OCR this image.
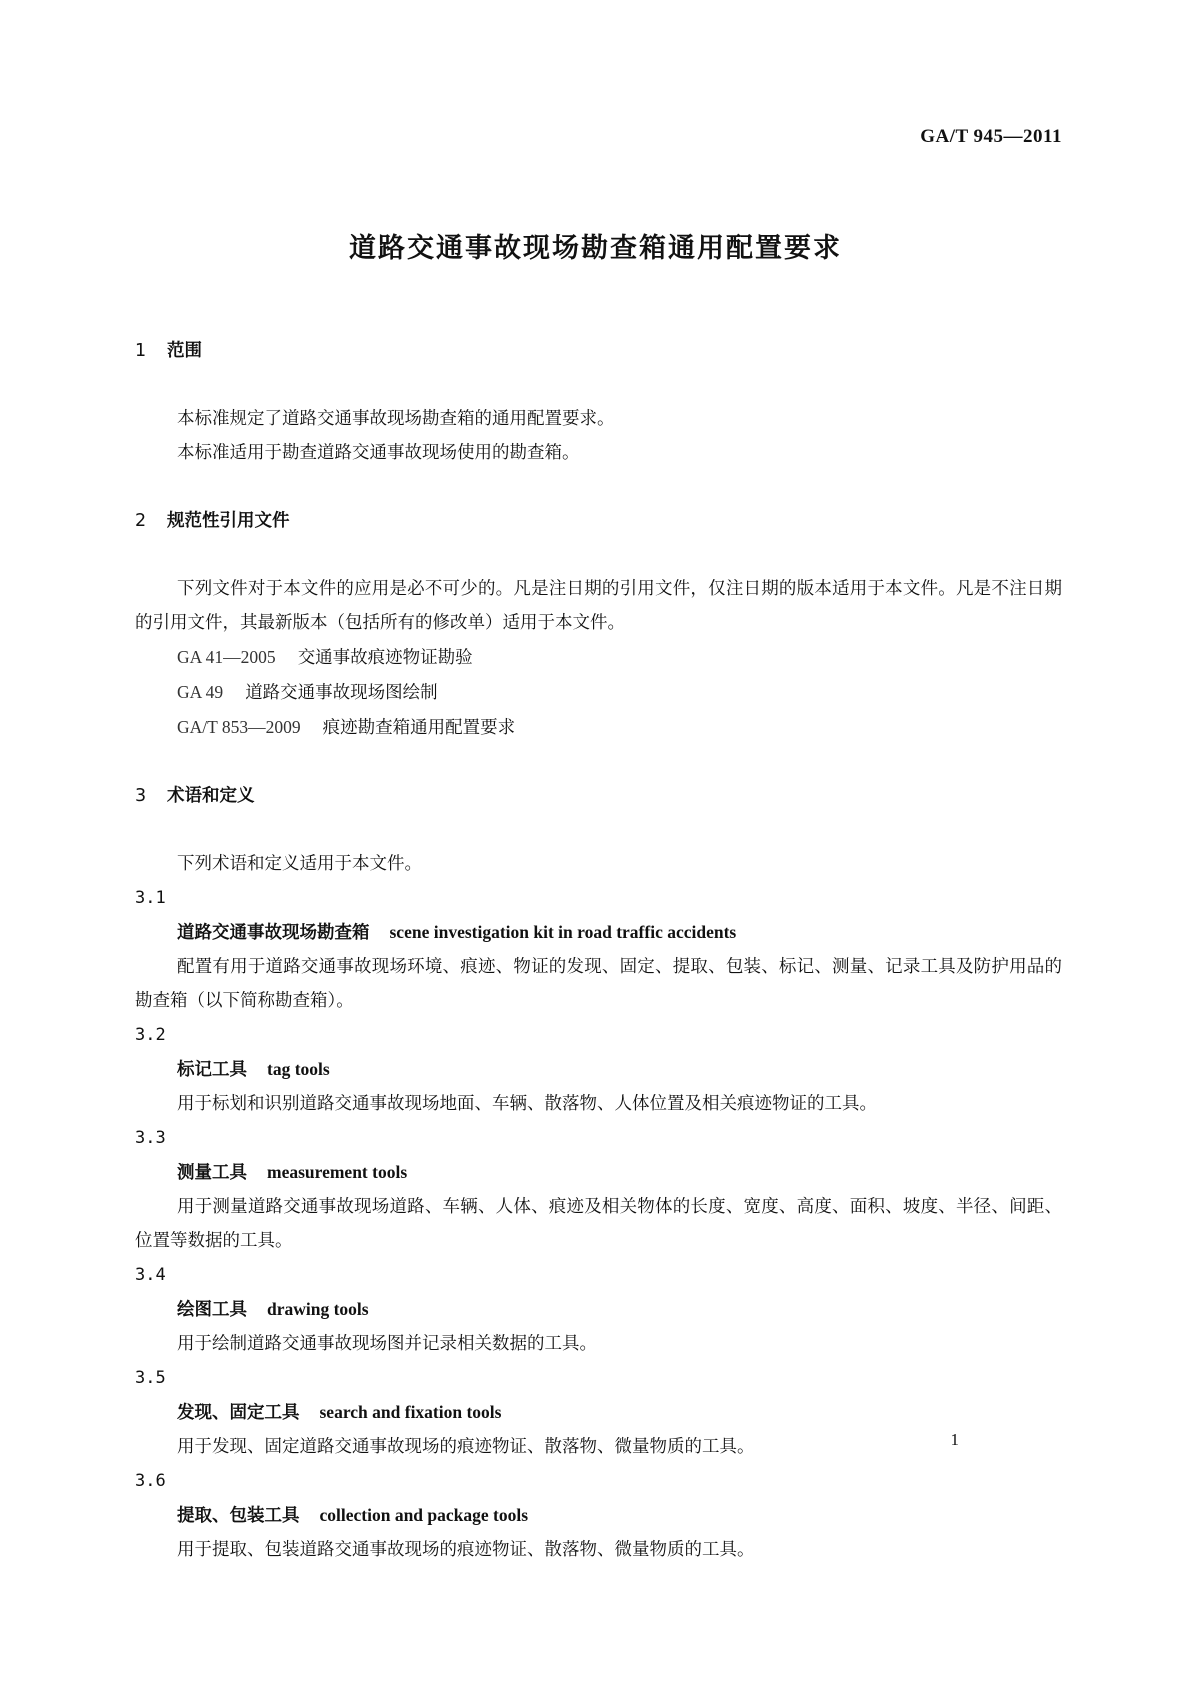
GA/T 945—2011
道路交通事故现场勘查箱通用配置要求
1 范围

本标准规定了道路交通事故现场勘查箱的通用配置要求。

本标准适用于勘查道路交通事故现场使用的勘查箱。

2 规范性引用文件

下列文件对于本文件的应用是必不可少的。凡是注日期的引用文件，仅注日期的版本适用于本文件。凡是不注日期的引用文件，其最新版本（包括所有的修改单）适用于本文件。

GA 41—2005 交通事故痕迹物证勘验

GA 49 道路交通事故现场图绘制

GA/T 853—2009 痕迹勘查箱通用配置要求

3 术语和定义

下列术语和定义适用于本文件。

3.1

道路交通事故现场勘查箱 scene investigation kit in road traffic accidents

配置有用于道路交通事故现场环境、痕迹、物证的发现、固定、提取、包装、标记、测量、记录工具及防护用品的勘查箱（以下简称勘查箱）。

3.2

标记工具 tag tools

用于标划和识别道路交通事故现场地面、车辆、散落物、人体位置及相关痕迹物证的工具。

3.3

测量工具 measurement tools

用于测量道路交通事故现场道路、车辆、人体、痕迹及相关物体的长度、宽度、高度、面积、坡度、半径、间距、位置等数据的工具。

3.4

绘图工具 drawing tools

用于绘制道路交通事故现场图并记录相关数据的工具。

3.5

发现、固定工具 search and fixation tools

用于发现、固定道路交通事故现场的痕迹物证、散落物、微量物质的工具。

3.6

提取、包装工具 collection and package tools

用于提取、包装道路交通事故现场的痕迹物证、散落物、微量物质的工具。

1
